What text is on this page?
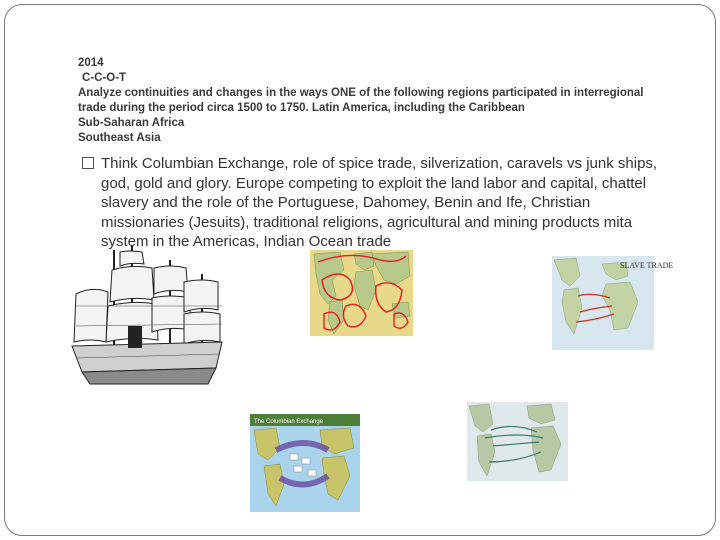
2014
C-C-O-T
Analyze continuities and changes in the ways ONE of the following regions participated in interregional
trade during the period circa 1500 to 1750. Latin America, including the Caribbean
Sub-Saharan Africa
Southeast Asia
Think Columbian Exchange, role of spice trade, silverization, caravels vs junk ships, god, gold and glory. Europe competing to exploit the land labor and capital, chattel slavery and the role of the Portuguese, Dahomey, Benin and Ife, Christian missionaries (Jesuits), traditional religions, agricultural and mining products mita system in the Americas, Indian Ocean trade
SLAVE TRADE
The Columbian Exchange
